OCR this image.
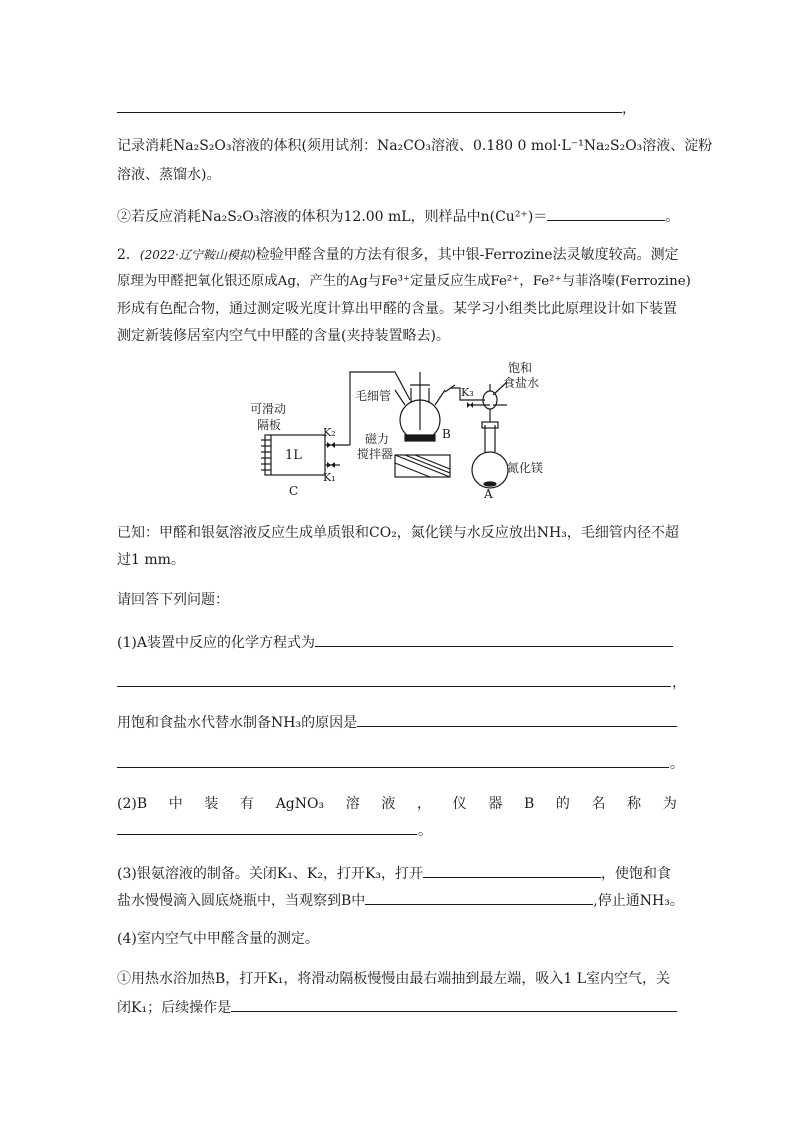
，
记录消耗Na₂S₂O₃溶液的体积(须用试剂：Na₂CO₃溶液、0.180 0 mol·L⁻¹Na₂S₂O₃溶液、淀粉
溶液、蒸馏水)。
②若反应消耗Na₂S₂O₃溶液的体积为12.00 mL，则样品中n(Cu²⁺)＝	。
2．(2022·辽宁鞍山模拟)检验甲醛含量的方法有很多，其中银-Ferrozine法灵敏度较高。测定
原理为甲醛把氧化银还原成Ag，产生的Ag与Fe³⁺定量反应生成Fe²⁺，Fe²⁺与菲洛嗪(Ferrozine)
形成有色配合物，通过测定吸光度计算出甲醛的含量。某学习小组类比此原理设计如下装置
测定新装修居室内空气中甲醛的含量(夹持装置略去)。
可滑动
隔板
1L
K₂
K₁
C
毛细管
磁力
搅拌器
B
K₃
饱和
食盐水
氮化镁
A
已知：甲醛和银氨溶液反应生成单质银和CO₂，氮化镁与水反应放出NH₃，毛细管内径不超
过1 mm。
请回答下列问题：
(1)A装置中反应的化学方程式为
，
用饱和食盐水代替水制备NH₃的原因是
。
(2)B 中 装 有 AgNO₃ 溶 液 ， 仪 器 B 的 名 称 为
。
(3)银氨溶液的制备。关闭K₁、K₂，打开K₃，打开	，使饱和食
盐水慢慢滴入圆底烧瓶中，当观察到B中	,停止通NH₃。
(4)室内空气中甲醛含量的测定。
①用热水浴加热B，打开K₁，将滑动隔板慢慢由最右端抽到最左端，吸入1 L室内空气，关
闭K₁；后续操作是
